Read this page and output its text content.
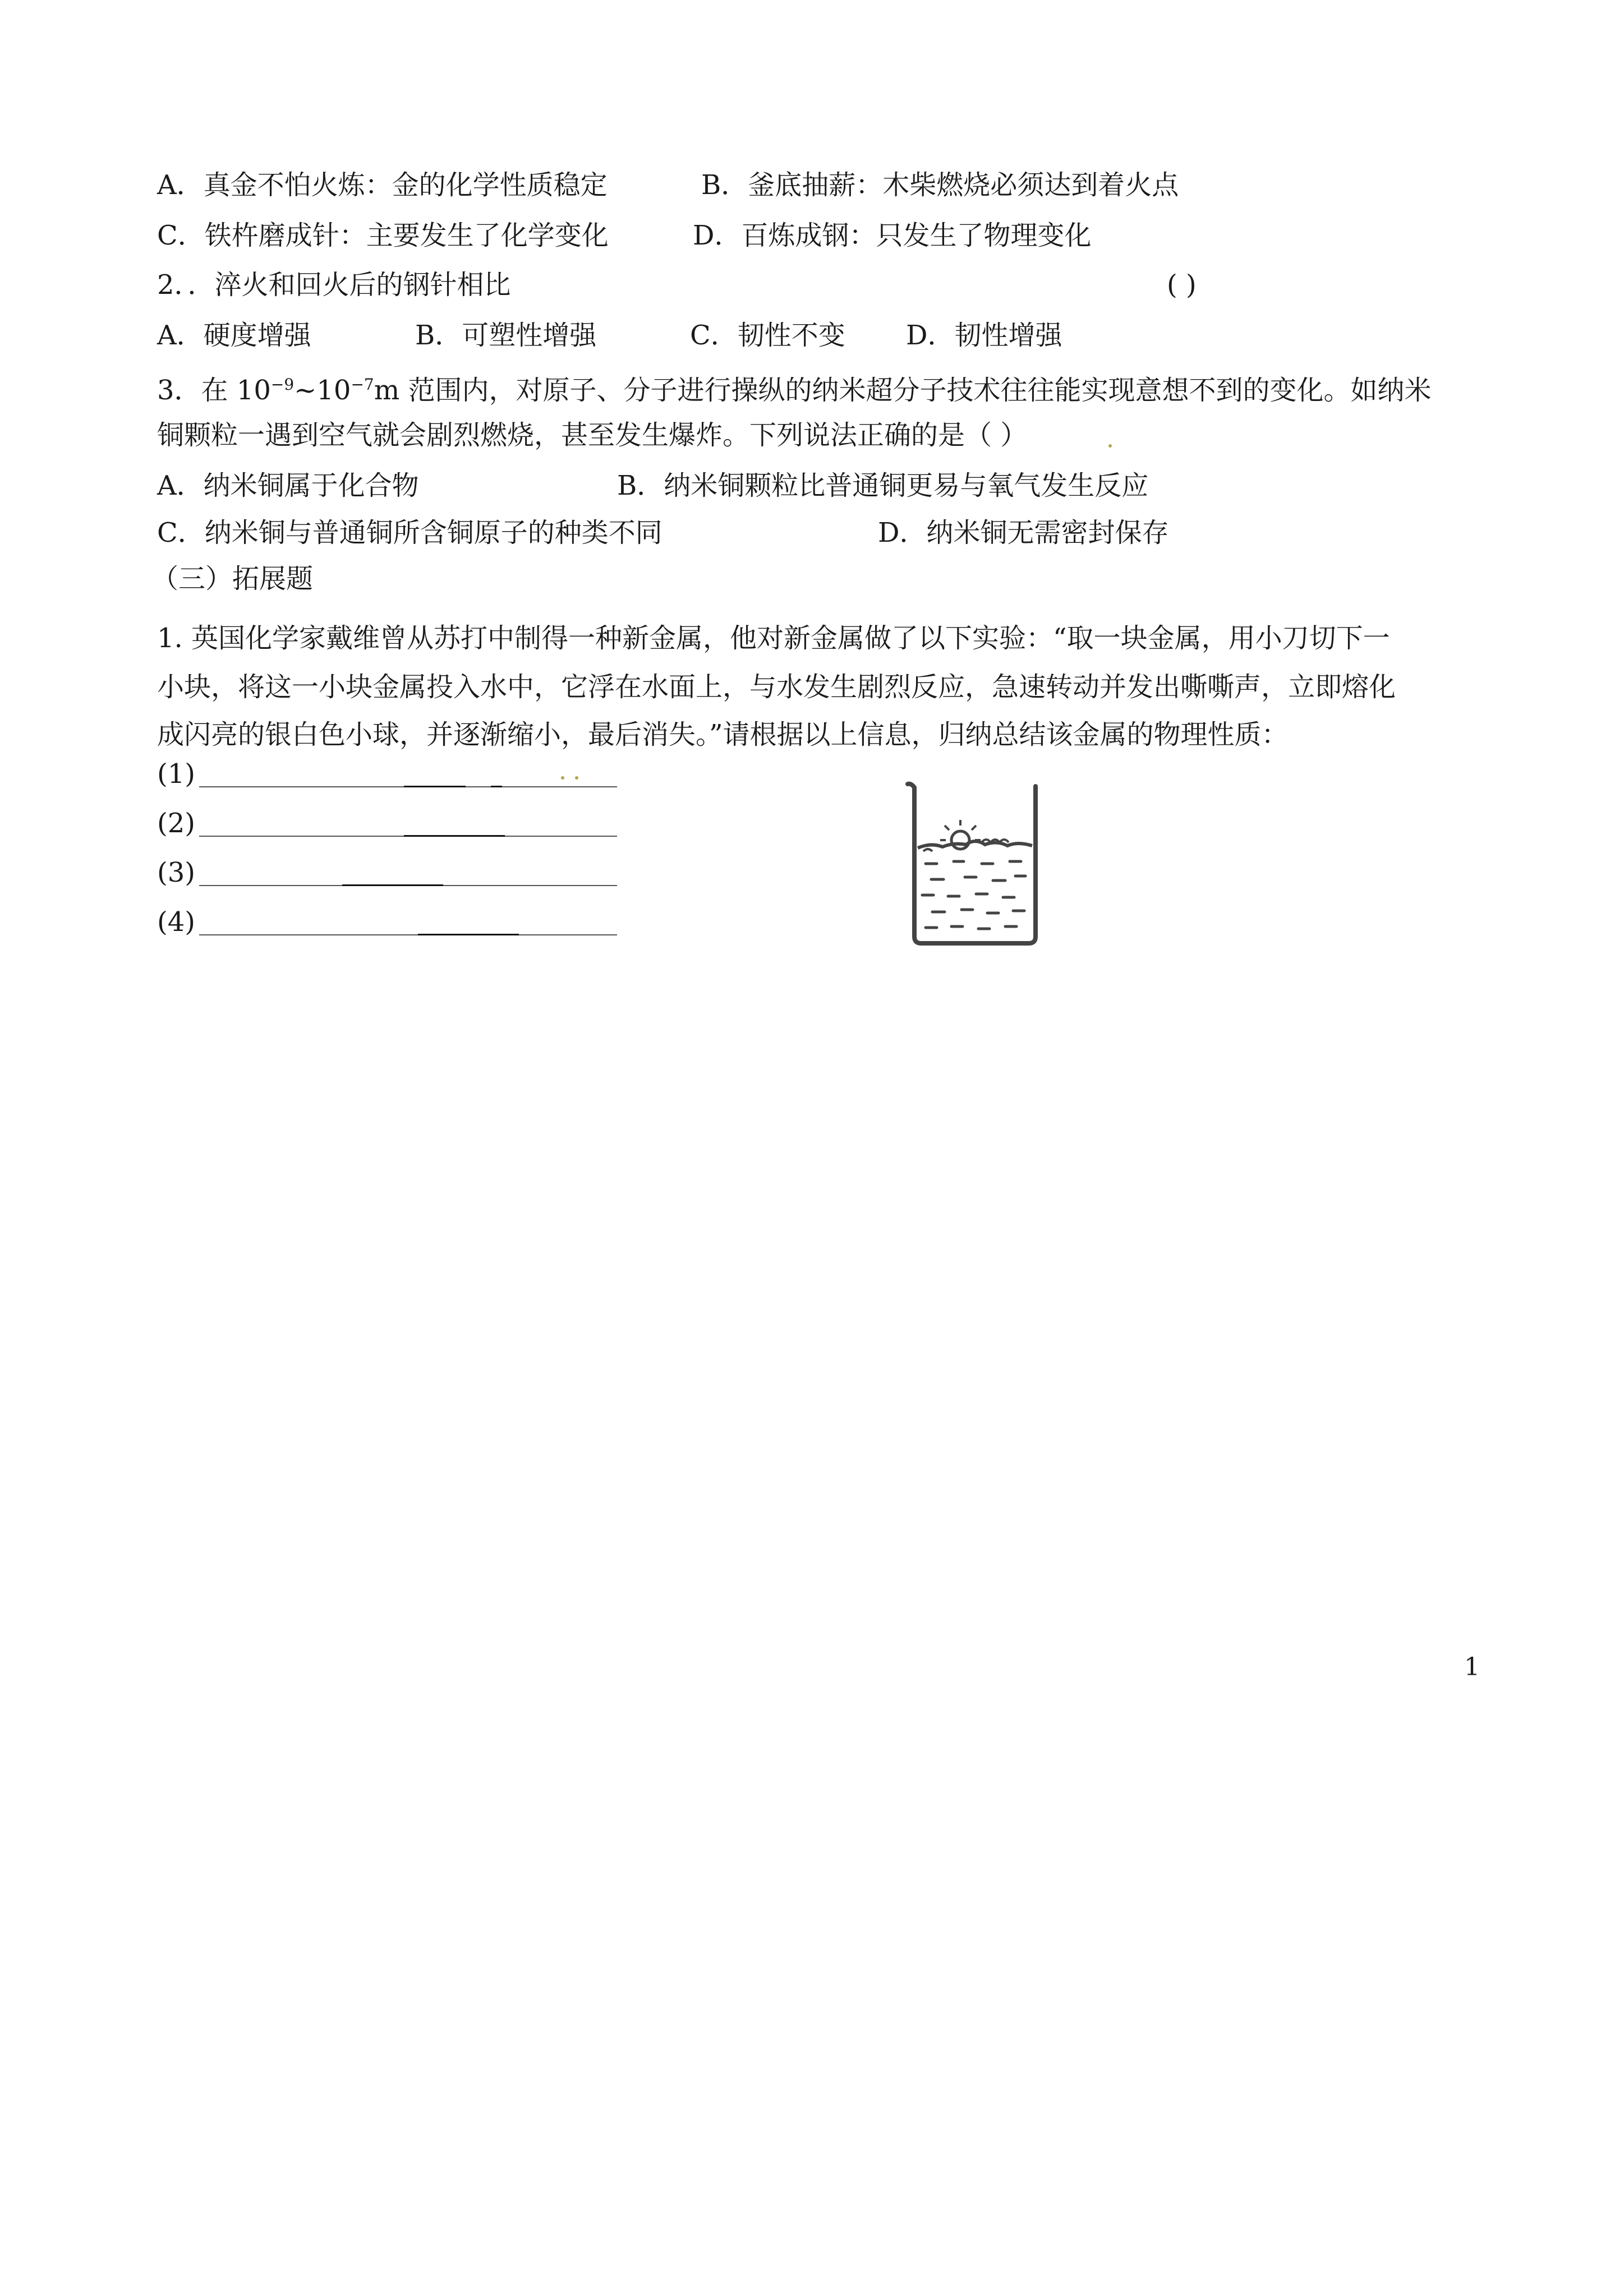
A．真金不怕火炼：金的化学性质稳定	B．釜底抽薪：木柴燃烧必须达到着火点
C．铁杵磨成针：主要发生了化学变化	D．百炼成钢：只发生了物理变化
2．．淬火和回火后的钢针相比	( )
A．硬度增强	B．可塑性增强	C．韧性不变 D．韧性增强
3．在 $10^{-9}\sim 10^{-7}m$ 范围内，对原子、分子进行操纵的纳米超分子技术往往能实现意想不到的变化。如纳米
铜颗粒一遇到空气就会剧烈燃烧，甚至发生爆炸。下列说法正确的是（ ）
A．纳米铜属于化合物	B．纳米铜颗粒比普通铜更易与氧气发生反应
C．纳米铜与普通铜所含铜原子的种类不同	D．纳米铜无需密封保存
（三）拓展题
1. 英国化学家戴维曾从苏打中制得一种新金属，他对新金属做了以下实验：“取一块金属，用小刀切下一
小块，将这一小块金属投入水中，它浮在水面上，与水发生剧烈反应，急速转动并发出嘶嘶声，立即熔化
成闪亮的银白色小球，并逐渐缩小，最后消失。”请根据以上信息，归纳总结该金属的物理性质：
(1)
(2)
(3)
(4)
1
